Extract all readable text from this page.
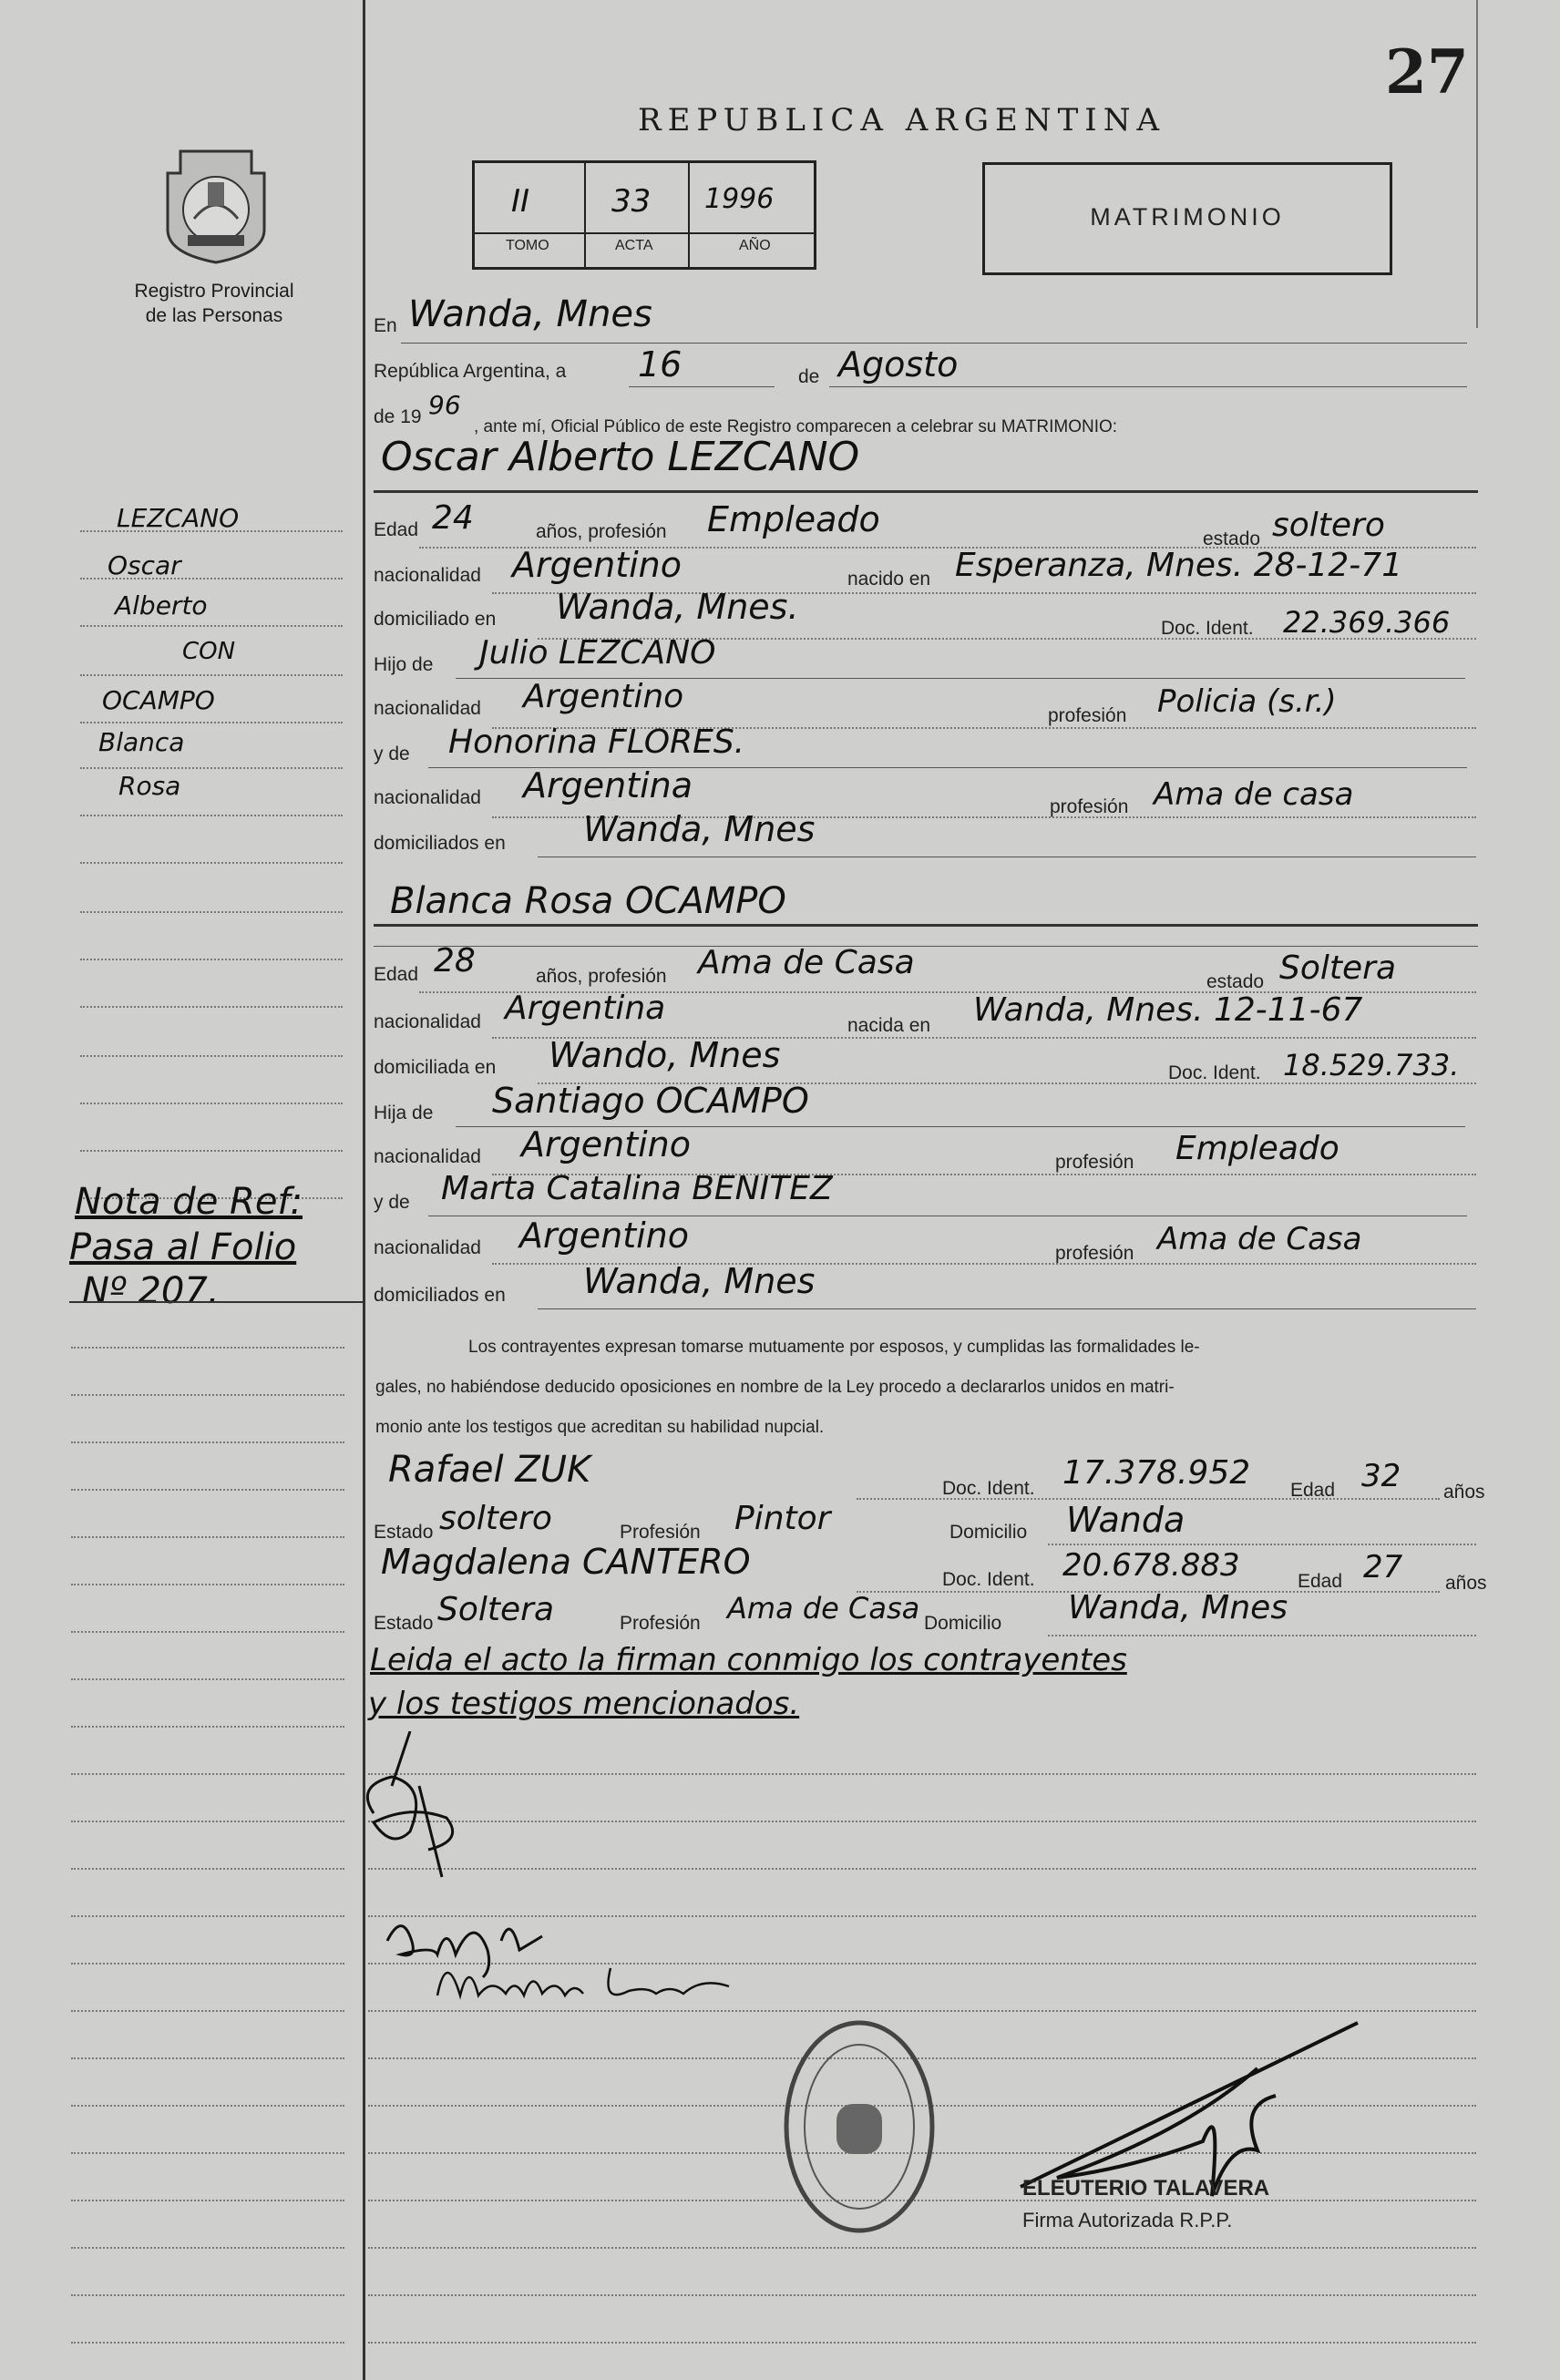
27
Registro Provincial
de las Personas
REPUBLICA ARGENTINA
II	33 1996
TOMO	ACTA	AÑO
MATRIMONIO
LEZCANO
Oscar
Alberto
CON
OCAMPO
Blanca
Rosa
Nota de Ref:
Pasa al Folio
Nº 207.
En Wanda, Mnes
República Argentina, a 16	de Agosto
de 19 96
, ante mí, Oficial Público de este Registro comparecen a celebrar su MATRIMONIO:
Oscar Alberto LEZCANO
Edad 24	años, profesión Empleado	estado soltero
nacionalidad Argentino	nacido en Esperanza, Mnes. 28-12-71
domiciliado en Wanda, Mnes.
Doc. Ident. 22.369.366
Hijo de Julio LEZCANO
nacionalidad Argentino
profesión Policia (s.r.)
y de Honorina FLORES.
nacionalidad Argentina
profesión Ama de casa
domiciliados en Wanda, Mnes
Blanca Rosa OCAMPO
Edad 28	años, profesión Ama de Casa
estado Soltera
nacionalidad Argentina	nacida en Wanda, Mnes. 12-11-67
domiciliada en Wando, Mnes	Doc. Ident. 18.529.733.
Hija de Santiago OCAMPO
nacionalidad Argentino	profesión Empleado
y de Marta Catalina BENITEZ
nacionalidad Argentino	profesión Ama de Casa
domiciliados en Wanda, Mnes
Los contrayentes expresan tomarse mutuamente por esposos, y cumplidas las formalidades le-
gales, no habiéndose deducido oposiciones en nombre de la Ley procedo a declararlos unidos en matri-
monio ante los testigos que acreditan su habilidad nupcial.
Rafael ZUK	Doc. Ident. 17.378.952 Edad 32 años
Estado soltero	Profesión Pintor	Domicilio Wanda
Magdalena CANTERO	Doc. Ident. 20.678.883	Edad 27 años
Estado Soltera	Profesión Ama de Casa Domicilio Wanda, Mnes
Leida el acto la firman conmigo los contrayentes
y los testigos mencionados.
ELEUTERIO TALAVERA
Firma Autorizada R.P.P.
